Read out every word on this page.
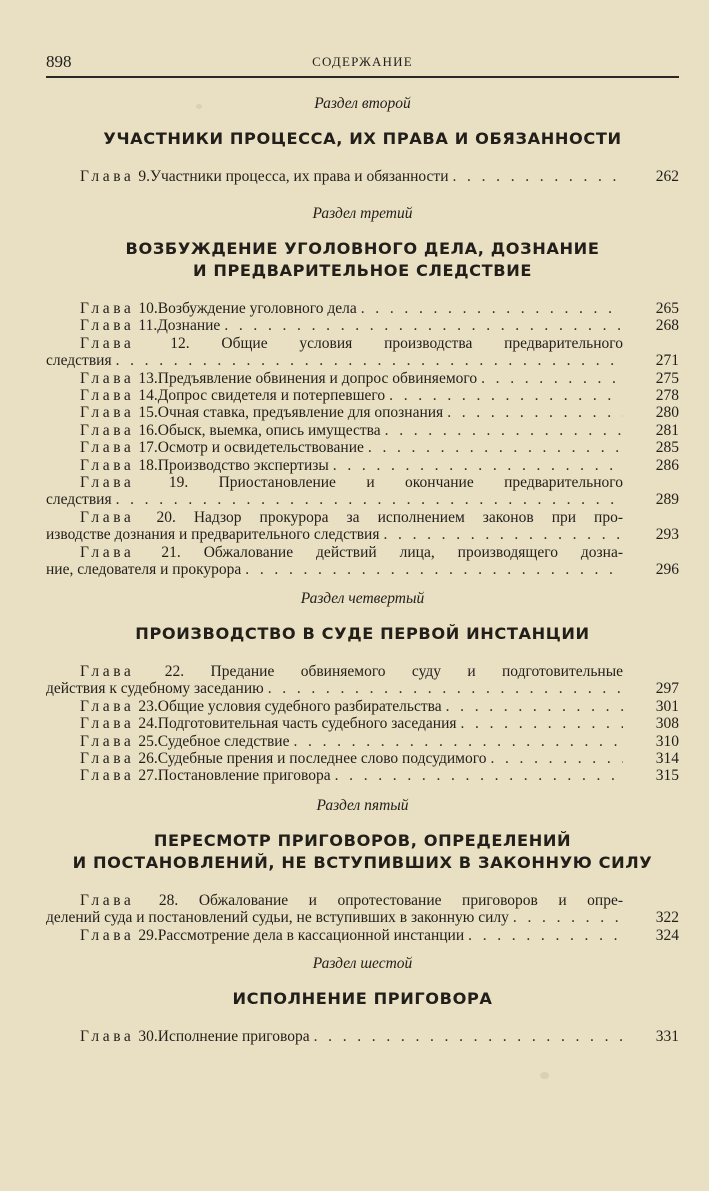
898	СОДЕРЖАНИЕ
Раздел второй
УЧАСТНИКИ ПРОЦЕССА, ИХ ПРАВА И ОБЯЗАННОСТИ
Глава 9. Участники процесса, их права и обязанности . . .	262
Раздел третий
ВОЗБУЖДЕНИЕ УГОЛОВНОГО ДЕЛА, ДОЗНАНИЕ
И ПРЕДВАРИТЕЛЬНОЕ СЛЕДСТВИЕ
Глава 10. Возбуждение уголовного дела . . .	265
Глава 11. Дознание . . .	268
Глава 12. Общие условия производства предварительного
следствия . . .	271
Глава 13. Предъявление обвинения и допрос обвиняемого . . .	275
Глава 14. Допрос свидетеля и потерпевшего . . .	278
Глава 15. Очная ставка, предъявление для опознания . . .	280
Глава 16. Обыск, выемка, опись имущества . . .	281
Глава 17. Осмотр и освидетельствование . . .	285
Глава 18. Производство экспертизы . . .	286
Глава 19. Приостановление и окончание предварительного
следствия . . .	289
Глава 20. Надзор прокурора за исполнением законов при про-
изводстве дознания и предварительного следствия . . .	293
Глава 21. Обжалование действий лица, производящего дозна-
ние, следователя и прокурора . . .	296
Раздел четвертый
ПРОИЗВОДСТВО В СУДЕ ПЕРВОЙ ИНСТАНЦИИ
Глава 22. Предание обвиняемого суду и подготовительные
действия к судебному заседанию . . .	297
Глава 23. Общие условия судебного разбирательства . . .	301
Глава 24. Подготовительная часть судебного заседания . . .	308
Глава 25. Судебное следствие . . .	310
Глава 26. Судебные прения и последнее слово подсудимого . . .	314
Глава 27. Постановление приговора . . .	315
Раздел пятый
ПЕРЕСМОТР ПРИГОВОРОВ, ОПРЕДЕЛЕНИЙ
И ПОСТАНОВЛЕНИЙ, НЕ ВСТУПИВШИХ В ЗАКОННУЮ СИЛУ
Глава 28. Обжалование и опротестование приговоров и опре-
делений суда и постановлений судьи, не вступивших в законную силу . . .	322
Глава 29. Рассмотрение дела в кассационной инстанции . . .	324
Раздел шестой
ИСПОЛНЕНИЕ ПРИГОВОРА
Глава 30. Исполнение приговора . . .	331
